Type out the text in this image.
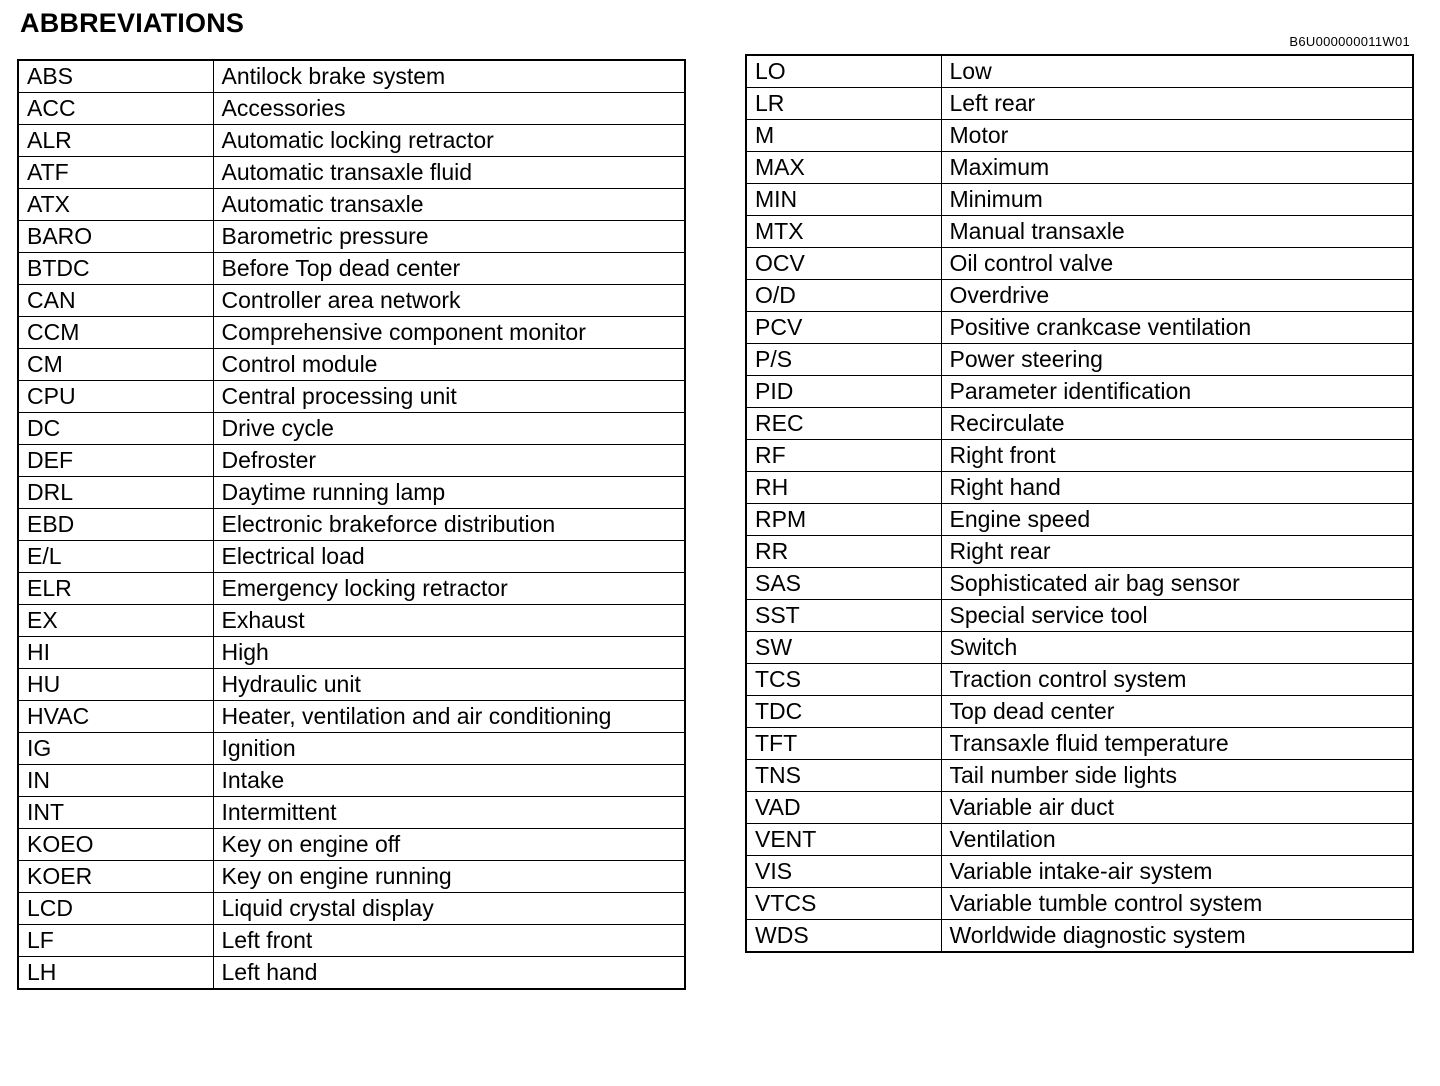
ABBREVIATIONS
B6U000000011W01
ABS	Antilock brake system
ACC	Accessories
ALR	Automatic locking retractor
ATF	Automatic transaxle fluid
ATX	Automatic transaxle
BARO	Barometric pressure
BTDC	Before Top dead center
CAN	Controller area network
CCM	Comprehensive component monitor
CM	Control module
CPU	Central processing unit
DC	Drive cycle
DEF	Defroster
DRL	Daytime running lamp
EBD	Electronic brakeforce distribution
E/L	Electrical load
ELR	Emergency locking retractor
EX	Exhaust
HI	High
HU	Hydraulic unit
HVAC	Heater, ventilation and air conditioning
IG	Ignition
IN	Intake
INT	Intermittent
KOEO	Key on engine off
KOER	Key on engine running
LCD	Liquid crystal display
LF	Left front
LH	Left hand
LO	Low
LR	Left rear
M	Motor
MAX	Maximum
MIN	Minimum
MTX	Manual transaxle
OCV	Oil control valve
O/D	Overdrive
PCV	Positive crankcase ventilation
P/S	Power steering
PID	Parameter identification
REC	Recirculate
RF	Right front
RH	Right hand
RPM	Engine speed
RR	Right rear
SAS	Sophisticated air bag sensor
SST	Special service tool
SW	Switch
TCS	Traction control system
TDC	Top dead center
TFT	Transaxle fluid temperature
TNS	Tail number side lights
VAD	Variable air duct
VENT	Ventilation
VIS	Variable intake-air system
VTCS	Variable tumble control system
WDS	Worldwide diagnostic system
